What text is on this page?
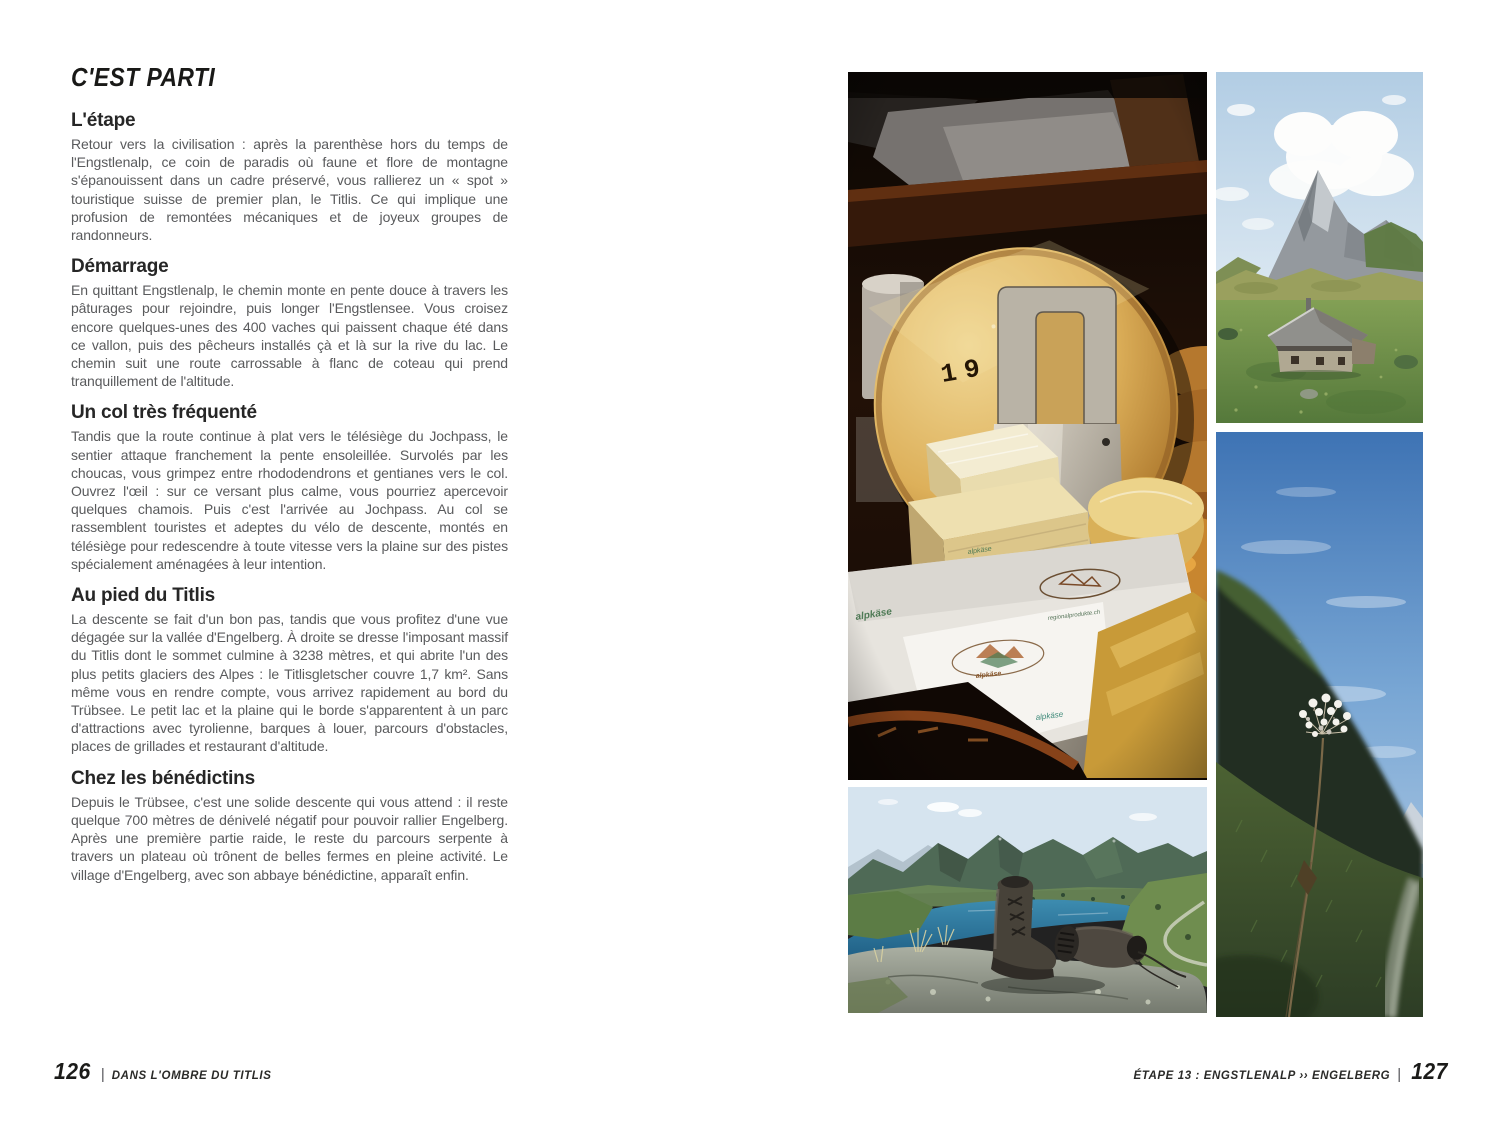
C'EST PARTI
L'étape

Retour vers la civilisation : après la parenthèse hors du temps de l'Engstlenalp, ce coin de paradis où faune et flore de montagne s'épanouissent dans un cadre préservé, vous rallierez un « spot » touristique suisse de premier plan, le Titlis. Ce qui implique une profusion de remontées mécaniques et de joyeux groupes de randonneurs.

Démarrage

En quittant Engstlenalp, le chemin monte en pente douce à travers les pâturages pour rejoindre, puis longer l'Engstlensee. Vous croisez encore quelques-unes des 400 vaches qui paissent chaque été dans ce vallon, puis des pêcheurs installés çà et là sur la rive du lac. Le chemin suit une route carrossable à flanc de coteau qui prend tranquillement de l'altitude.

Un col très fréquenté

Tandis que la route continue à plat vers le télésiège du Jochpass, le sentier attaque franchement la pente ensoleillée. Survolés par les choucas, vous grimpez entre rhododendrons et gentianes vers le col. Ouvrez l'œil : sur ce versant plus calme, vous pourriez apercevoir quelques chamois. Puis c'est l'arrivée au Jochpass. Au col se rassemblent touristes et adeptes du vélo de descente, montés en télésiège pour redescendre à toute vitesse vers la plaine sur des pistes spécialement aménagées à leur intention.

Au pied du Titlis

La descente se fait d'un bon pas, tandis que vous profitez d'une vue dégagée sur la vallée d'Engelberg. À droite se dresse l'imposant massif du Titlis dont le sommet culmine à 3238 mètres, et qui abrite l'un des plus petits glaciers des Alpes : le Titlisgletscher couvre 1,7 km². Sans même vous en rendre compte, vous arrivez rapidement au bord du Trübsee. Le petit lac et la plaine qui le borde s'apparentent à un parc d'attractions avec tyrolienne, barques à louer, parcours d'obstacles, places de grillades et restaurant d'altitude.

Chez les bénédictins

Depuis le Trübsee, c'est une solide descente qui vous attend : il reste quelque 700 mètres de dénivelé négatif pour pouvoir rallier Engelberg. Après une première partie raide, le reste du parcours serpente à travers un plateau où trônent de belles fermes en pleine activité. Le village d'Engelberg, avec son abbaye bénédictine, apparaît enfin.

126 | DANS L'OMBRE DU TITLIS	ÉTAPE 13 : ENGSTLENALP ›› ENGELBERG | 127
